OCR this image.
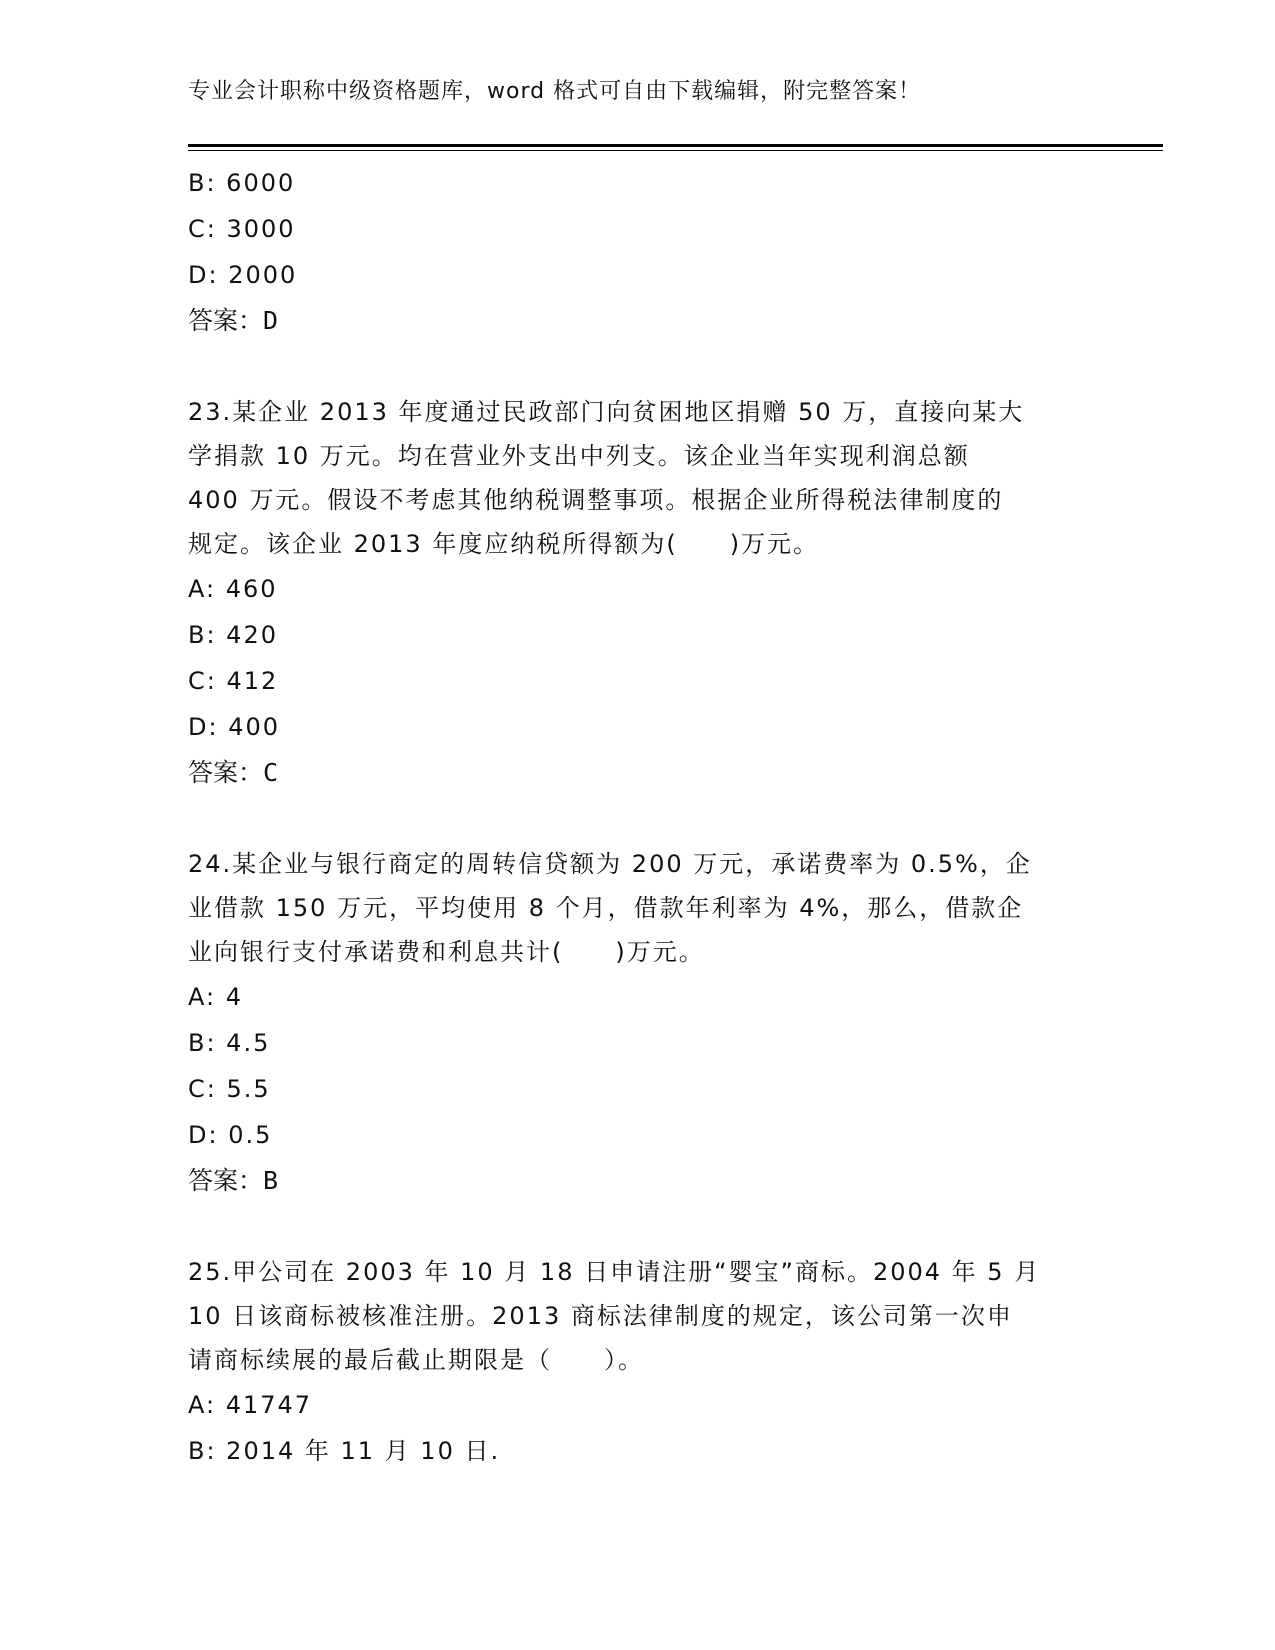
专业会计职称中级资格题库，word 格式可自由下载编辑，附完整答案！
B: 6000
C: 3000
D: 2000
答案：D
23.某企业 2013 年度通过民政部门向贫困地区捐赠 50 万，直接向某大
学捐款 10 万元。均在营业外支出中列支。该企业当年实现利润总额
400 万元。假设不考虑其他纳税调整事项。根据企业所得税法律制度的
规定。该企业 2013 年度应纳税所得额为(　　)万元。
A: 460
B: 420
C: 412
D: 400
答案：C
24.某企业与银行商定的周转信贷额为 200 万元，承诺费率为 0.5%，企
业借款 150 万元，平均使用 8 个月，借款年利率为 4%，那么，借款企
业向银行支付承诺费和利息共计(　　)万元。
A: 4
B: 4.5
C: 5.5
D: 0.5
答案：B
25.甲公司在 2003 年 10 月 18 日申请注册“婴宝”商标。2004 年 5 月
10 日该商标被核准注册。2013 商标法律制度的规定，该公司第一次申
请商标续展的最后截止期限是（　　）。
A: 41747
B: 2014 年 11 月 10 日.
